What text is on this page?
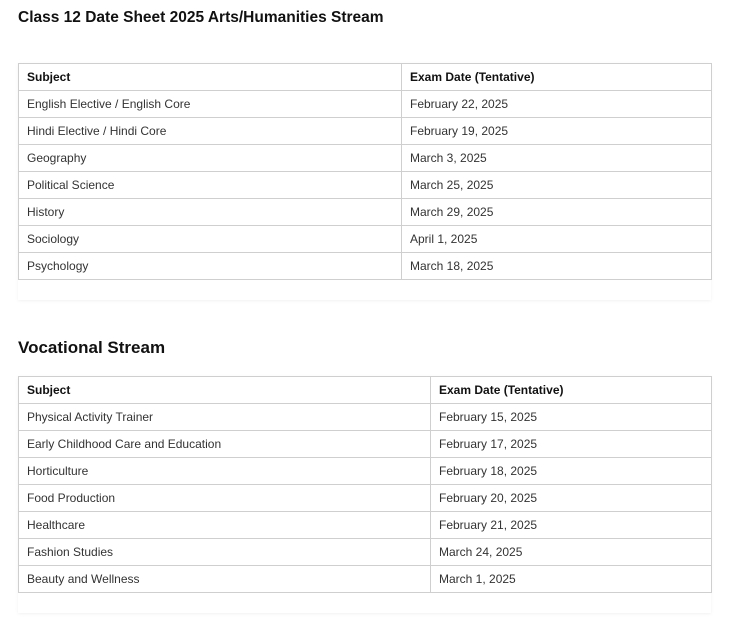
Class 12 Date Sheet 2025 Arts/Humanities Stream
Subject	Exam Date (Tentative)
English Elective / English Core	February 22, 2025
Hindi Elective / Hindi Core	February 19, 2025
Geography	March 3, 2025
Political Science	March 25, 2025
History	March 29, 2025
Sociology	April 1, 2025
Psychology	March 18, 2025
Vocational Stream
Subject	Exam Date (Tentative)
Physical Activity Trainer	February 15, 2025
Early Childhood Care and Education	February 17, 2025
Horticulture	February 18, 2025
Food Production	February 20, 2025
Healthcare	February 21, 2025
Fashion Studies	March 24, 2025
Beauty and Wellness	March 1, 2025
